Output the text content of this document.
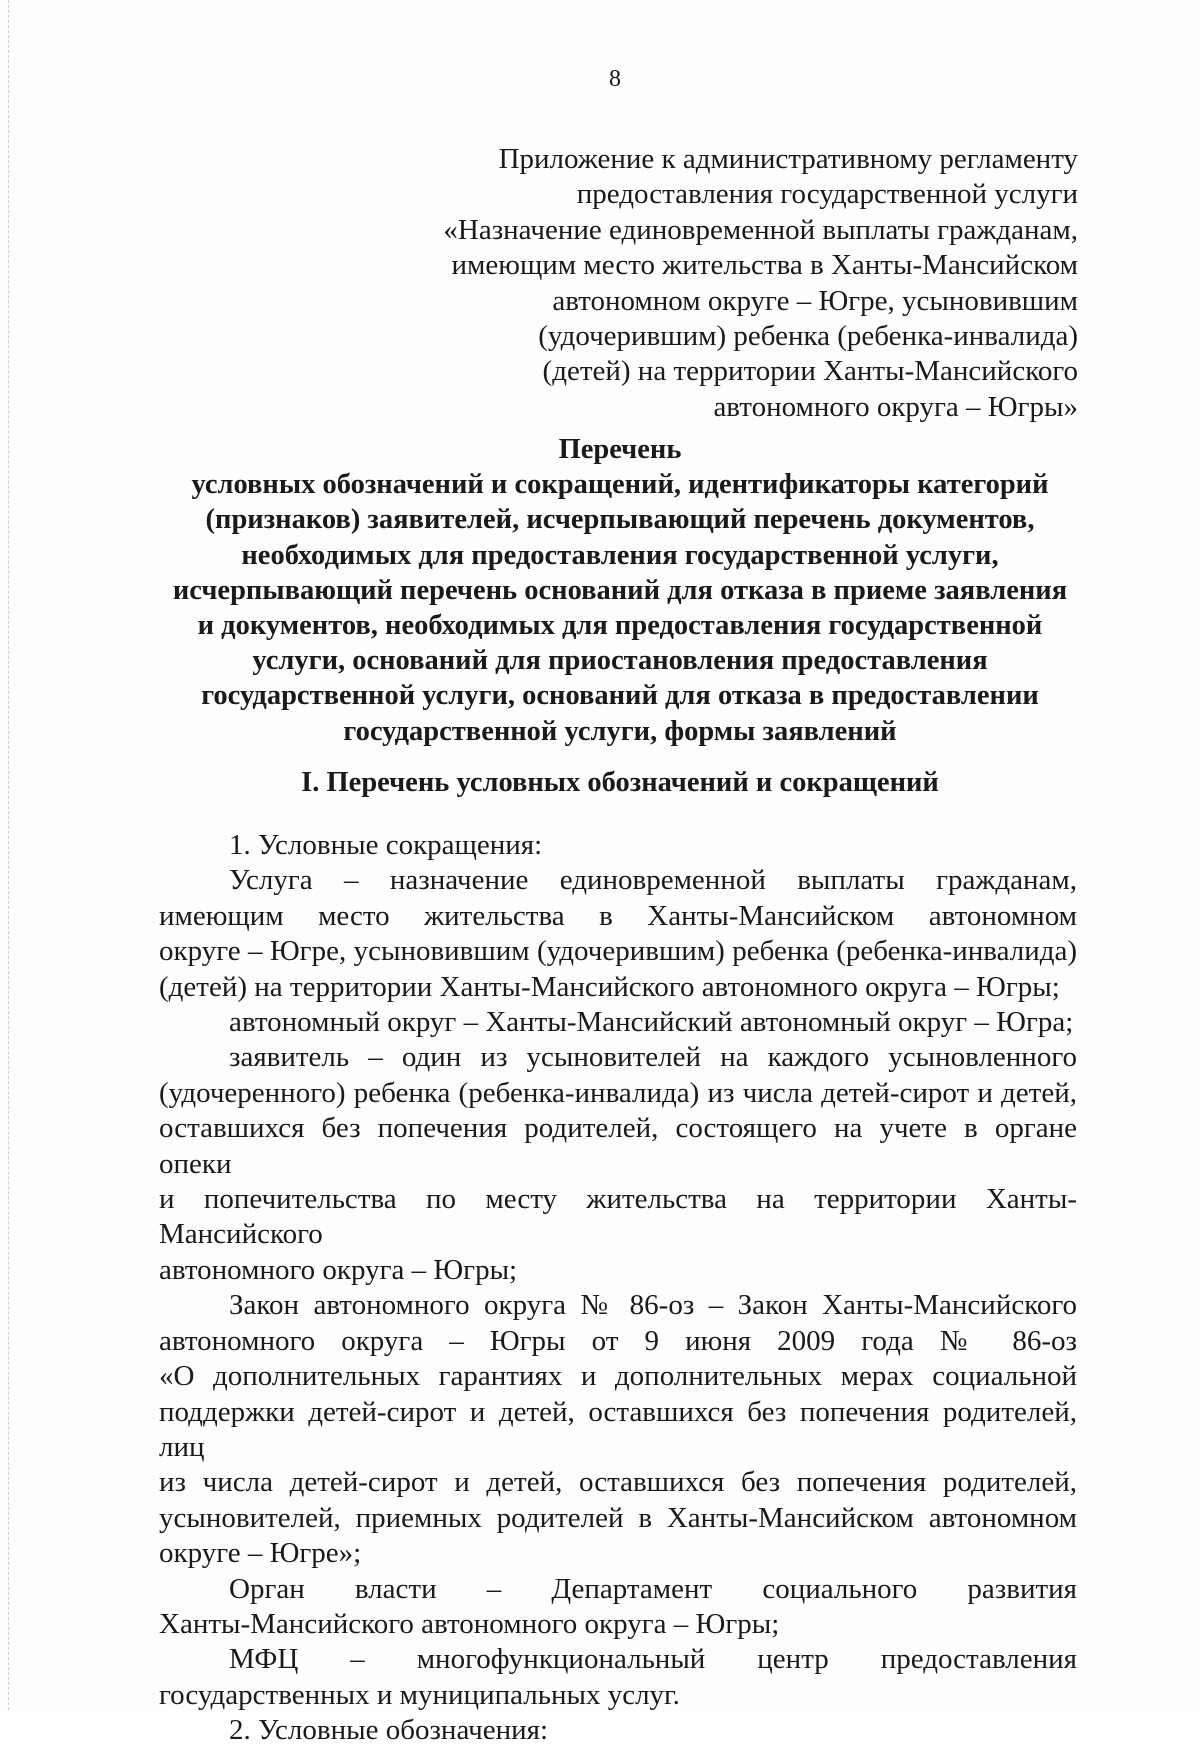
8
Приложение к административному регламенту
предоставления государственной услуги
«Назначение единовременной выплаты гражданам,
имеющим место жительства в Ханты-Мансийском
автономном округе – Югре, усыновившим
(удочерившим) ребенка (ребенка-инвалида)
(детей) на территории Ханты-Мансийского
автономного округа – Югры»
Перечень
условных обозначений и сокращений, идентификаторы категорий
(признаков) заявителей, исчерпывающий перечень документов,
необходимых для предоставления государственной услуги,
исчерпывающий перечень оснований для отказа в приеме заявления
и документов, необходимых для предоставления государственной
услуги, оснований для приостановления предоставления
государственной услуги, оснований для отказа в предоставлении
государственной услуги, формы заявлений
I. Перечень условных обозначений и сокращений
1. Условные сокращения:
Услуга – назначение единовременной выплаты гражданам,
имеющим место жительства в Ханты-Мансийском автономном
округе – Югре, усыновившим (удочерившим) ребенка (ребенка-инвалида)
(детей) на территории Ханты-Мансийского автономного округа – Югры;
автономный округ – Ханты-Мансийский автономный округ – Югра;
заявитель – один из усыновителей на каждого усыновленного
(удочеренного) ребенка (ребенка-инвалида) из числа детей-сирот и детей,
оставшихся без попечения родителей, состоящего на учете в органе опеки
и попечительства по месту жительства на территории Ханты-Мансийского
автономного округа – Югры;
Закон автономного округа № 86-оз – Закон Ханты-Мансийского
автономного округа – Югры от 9 июня 2009 года № 86-оз
«О дополнительных гарантиях и дополнительных мерах социальной
поддержки детей-сирот и детей, оставшихся без попечения родителей, лиц
из числа детей-сирот и детей, оставшихся без попечения родителей,
усыновителей, приемных родителей в Ханты-Мансийском автономном
округе – Югре»;
Орган власти – Департамент социального развития
Ханты-Мансийского автономного округа – Югры;
МФЦ – многофункциональный центр предоставления
государственных и муниципальных услуг.
2. Условные обозначения:
